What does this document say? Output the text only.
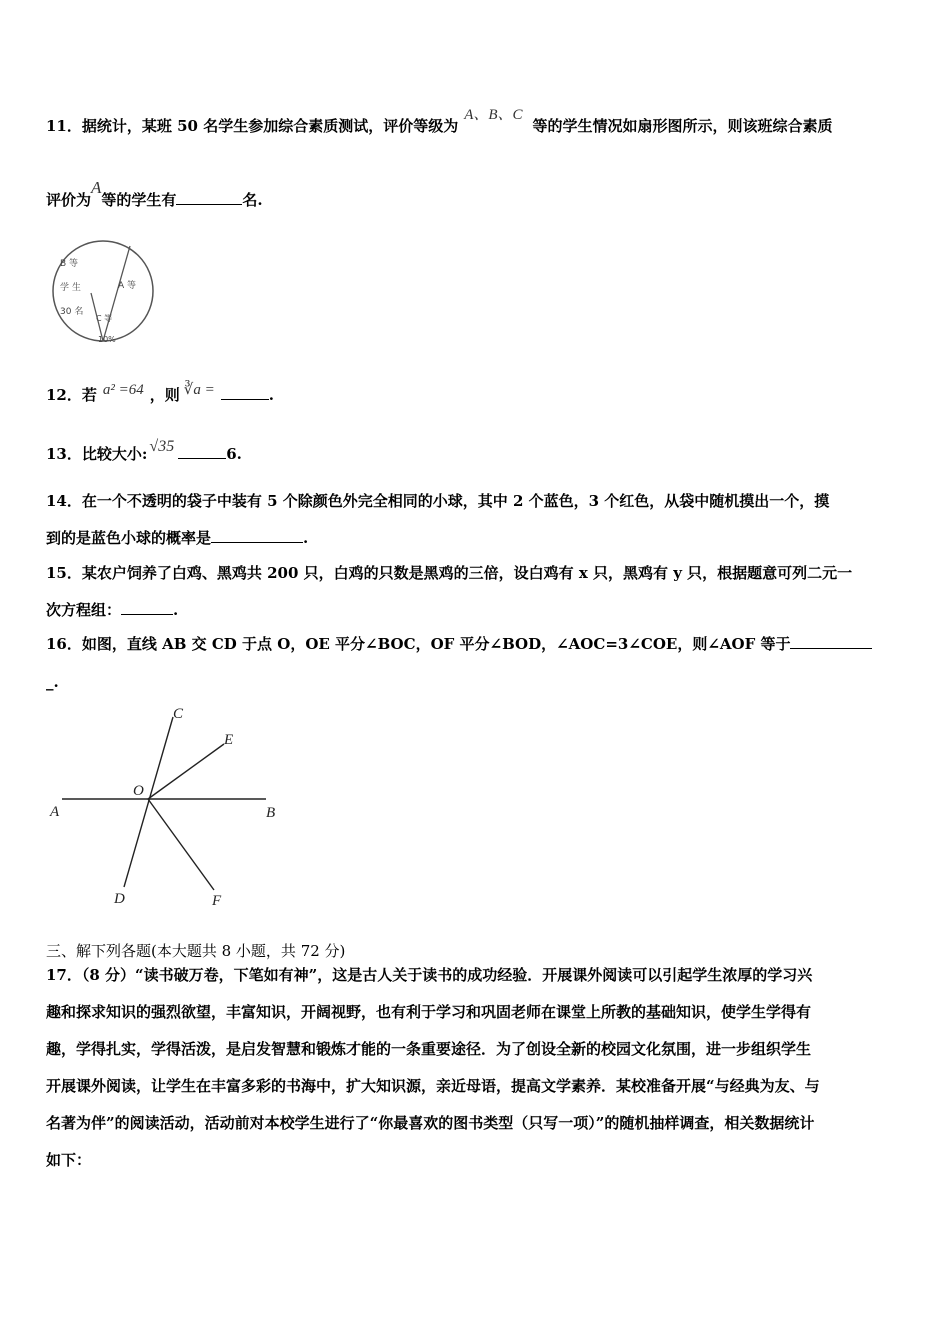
11．据统计，某班 50 名学生参加综合素质测试，评价等级为A、B、C等的学生情况如扇形图所示，则该班综合素质
评价为A等的学生有	名.
B 等
学 生
30 名
A 等
C 等
10%
12．若 a² =64 ，则 ∛a =	.
13．比较大小: √35	6.
14．在一个不透明的袋子中装有 5 个除颜色外完全相同的小球，其中 2 个蓝色，3 个红色，从袋中随机摸出一个，摸
到的是蓝色小球的概率是	.
15．某农户饲养了白鸡、黑鸡共 200 只，白鸡的只数是黑鸡的三倍，设白鸡有 x 只，黑鸡有 y 只，根据题意可列二元一
次方程组：	.
16．如图，直线 AB 交 CD 于点 O，OE 平分∠BOC，OF 平分∠BOD，∠AOC=3∠COE，则∠AOF 等于
_.
A	B
C
D
E
F
O
三、解下列各题(本大题共 8 小题，共 72 分)
17．（8 分）“读书破万卷，下笔如有神”，这是古人关于读书的成功经验．开展课外阅读可以引起学生浓厚的学习兴
趣和探求知识的强烈欲望，丰富知识，开阔视野，也有利于学习和巩固老师在课堂上所教的基础知识，使学生学得有
趣，学得扎实，学得活泼，是启发智慧和锻炼才能的一条重要途径．为了创设全新的校园文化氛围，进一步组织学生
开展课外阅读，让学生在丰富多彩的书海中，扩大知识源，亲近母语，提高文学素养．某校准备开展“与经典为友、与
名著为伴”的阅读活动，活动前对本校学生进行了“你最喜欢的图书类型（只写一项）”的随机抽样调查，相关数据统计
如下：
